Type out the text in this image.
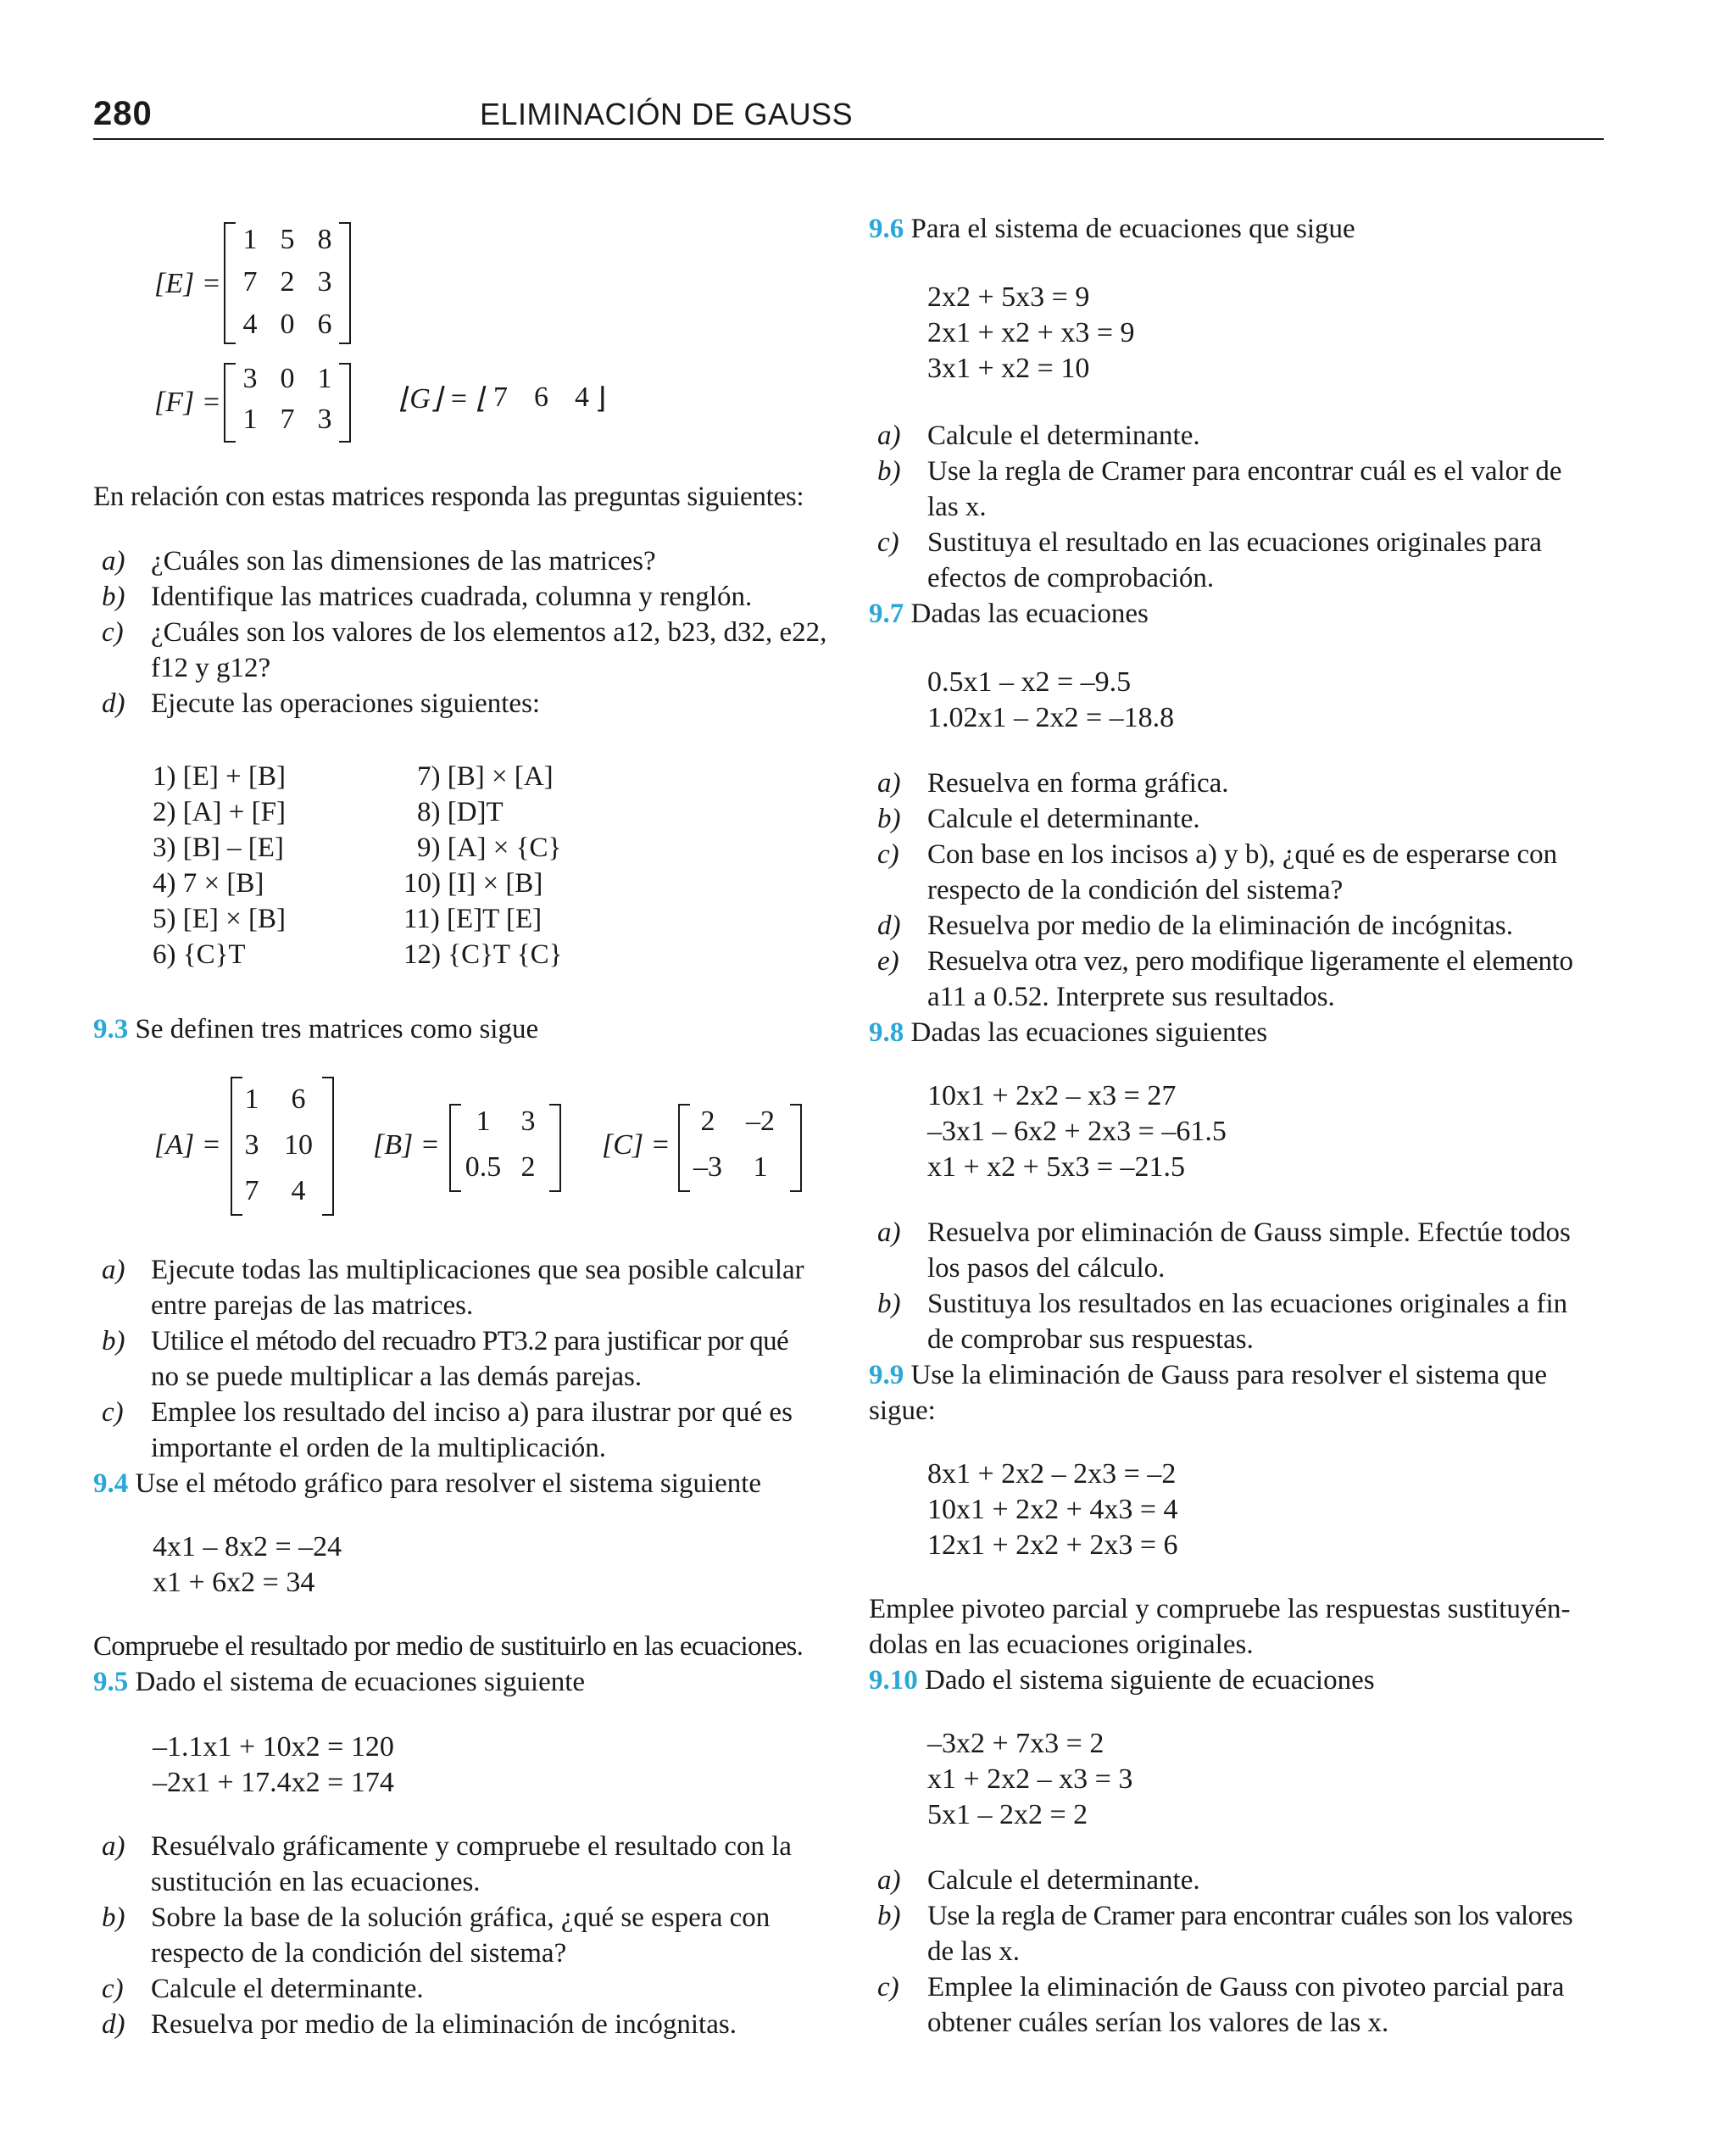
280	ELIMINACIÓN DE GAUSS
[E] =
1 5 8
7 2 3
4 0 6
[F] =
3 0 1
1 7 3
⌊G⌋ = ⌊ 7 6 4 ⌋
En relación con estas matrices responda las preguntas siguientes:
a) ¿Cuáles son las dimensiones de las matrices?
b) Identifique las matrices cuadrada, columna y renglón.
c) ¿Cuáles son los valores de los elementos a12, b23, d32, e22,
f12 y g12?
d) Ejecute las operaciones siguientes:
1) [E] + [B]
2) [A] + [F]
3) [B] – [E]
4) 7 × [B]
5) [E] × [B]
6) {C}T
7) [B] × [A]
8) [D]T
9) [A] × {C}
10) [I] × [B]
11) [E]T [E]
12) {C}T {C}
9.3 Se definen tres matrices como sigue
[A] =
1	6
3 10
7	4
[B] =
1	3
0.5 2
[C] =
2	–2
–3	1
a) Ejecute todas las multiplicaciones que sea posible calcular
entre parejas de las matrices.
b) Utilice el método del recuadro PT3.2 para justificar por qué
no se puede multiplicar a las demás parejas.
c) Emplee los resultado del inciso a) para ilustrar por qué es
importante el orden de la multiplicación.
9.4 Use el método gráfico para resolver el sistema siguiente
4x1 – 8x2 = –24
x1 + 6x2 = 34
Compruebe el resultado por medio de sustituirlo en las ecuaciones.
9.5 Dado el sistema de ecuaciones siguiente
–1.1x1 + 10x2 = 120
–2x1 + 17.4x2 = 174
a) Resuélvalo gráficamente y compruebe el resultado con la
sustitución en las ecuaciones.
b) Sobre la base de la solución gráfica, ¿qué se espera con
respecto de la condición del sistema?
c) Calcule el determinante.
d) Resuelva por medio de la eliminación de incógnitas.
9.6 Para el sistema de ecuaciones que sigue
2x2 + 5x3 = 9
2x1 + x2 + x3 = 9
3x1 + x2 = 10
a) Calcule el determinante.
b) Use la regla de Cramer para encontrar cuál es el valor de
las x.
c) Sustituya el resultado en las ecuaciones originales para
efectos de comprobación.
9.7 Dadas las ecuaciones
0.5x1 – x2 = –9.5
1.02x1 – 2x2 = –18.8
a) Resuelva en forma gráfica.
b) Calcule el determinante.
c) Con base en los incisos a) y b), ¿qué es de esperarse con
respecto de la condición del sistema?
d) Resuelva por medio de la eliminación de incógnitas.
e) Resuelva otra vez, pero modifique ligeramente el elemento
a11 a 0.52. Interprete sus resultados.
9.8 Dadas las ecuaciones siguientes
10x1 + 2x2 – x3 = 27
–3x1 – 6x2 + 2x3 = –61.5
x1 + x2 + 5x3 = –21.5
a) Resuelva por eliminación de Gauss simple. Efectúe todos
los pasos del cálculo.
b) Sustituya los resultados en las ecuaciones originales a fin
de comprobar sus respuestas.
9.9 Use la eliminación de Gauss para resolver el sistema que
sigue:
8x1 + 2x2 – 2x3 = –2
10x1 + 2x2 + 4x3 = 4
12x1 + 2x2 + 2x3 = 6
Emplee pivoteo parcial y compruebe las respuestas sustituyén-
dolas en las ecuaciones originales.
9.10 Dado el sistema siguiente de ecuaciones
–3x2 + 7x3 = 2
x1 + 2x2 – x3 = 3
5x1 – 2x2 = 2
a) Calcule el determinante.
b) Use la regla de Cramer para encontrar cuáles son los valores
de las x.
c) Emplee la eliminación de Gauss con pivoteo parcial para
obtener cuáles serían los valores de las x.
